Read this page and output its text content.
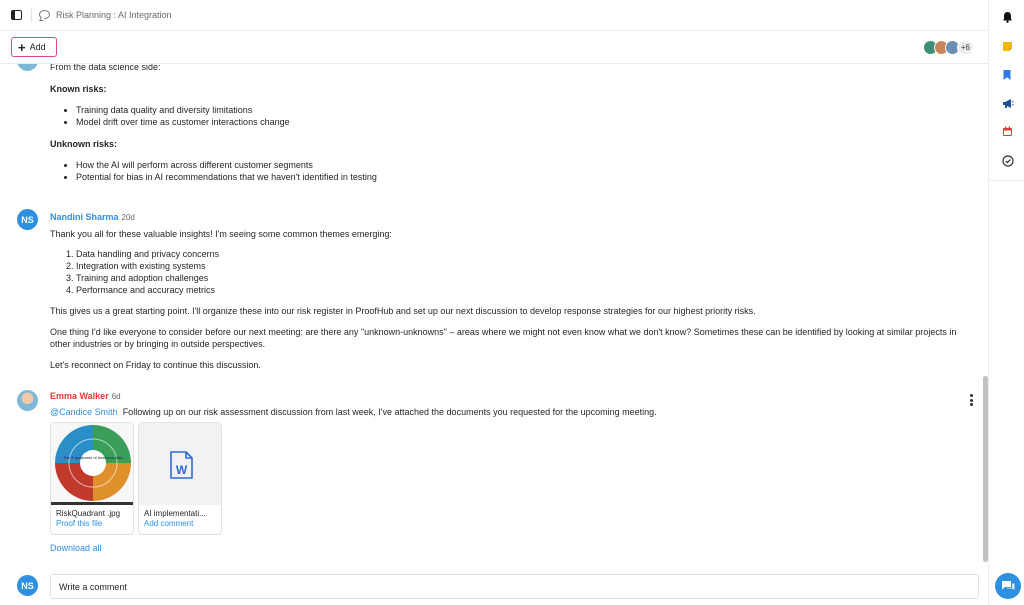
Risk Planning : AI Integration
+ Add	+6
From the data science side:
Known risks:
• Training data quality and diversity limitations
• Model drift over time as customer interactions change
Unknown risks:
• How the AI will perform across different customer segments
• Potential for bias in AI recommendations that we haven't identified in testing
NS	Nandini Sharma 20d
Thank you all for these valuable insights! I'm seeing some common themes emerging:
1. Data handling and privacy concerns
2. Integration with existing systems
3. Training and adoption challenges
4. Performance and accuracy metrics
This gives us a great starting point. I'll organize these into our risk register in ProofHub and set up our next discussion to develop response strategies for our highest priority risks.
One thing I'd like everyone to consider before our next meeting: are there any "unknown-unknowns" – areas where we might not even know what we don't know? Sometimes these can be identified by looking at similar projects in other industries or by bringing in outside perspectives.
Let's reconnect on Friday to continue this discussion.
Emma Walker 6d
@Candice Smith Following up on our risk assessment discussion from last week, I've attached the documents you requested for the upcoming meeting.
The 4 quadrants of business risks
RiskQuadrant .jpg
Proof this file
W
AI implementati...
Add comment
Download all
NS	Write a comment
